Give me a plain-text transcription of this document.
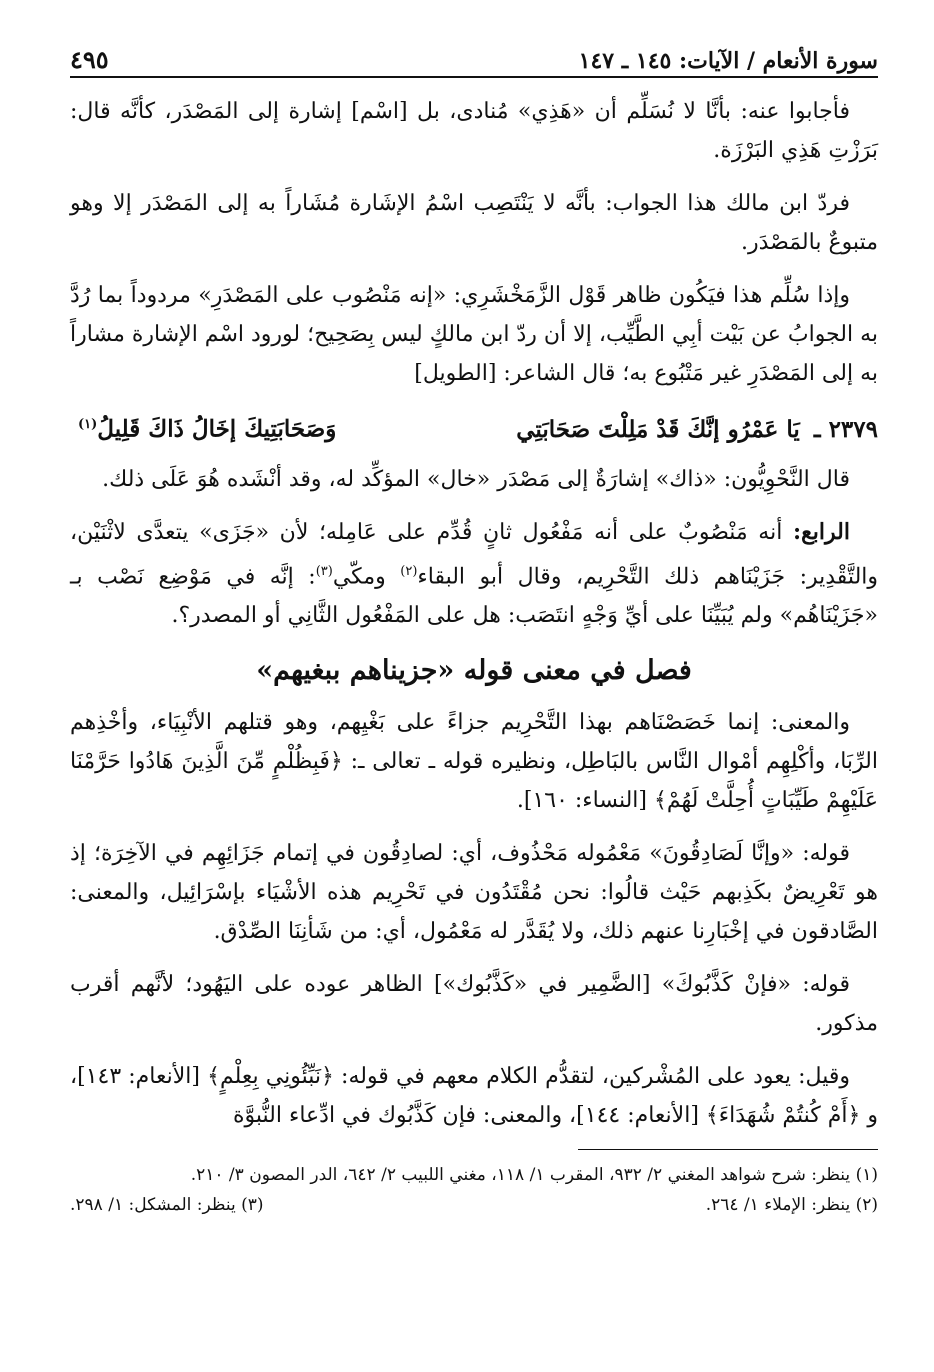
سورة الأنعام / الآيات: ١٤٥ ـ ١٤٧
٤٩٥

فأجابوا عنه: بأنَّا لا نُسَلِّم أن «هَذِي» مُنادى، بل [اسْم] إشارة إلى المَصْدَر، كأنَّه قال: بَرَزْتِ هَذِي البَرْزَة.

فردّ ابن مالك هذا الجواب: بأنَّه لا يَنْتَصِب اسْمُ الإشَارة مُشَاراً به إلى المَصْدَر إلا وهو متبوعٌ بالمَصْدَر.

وإذا سُلِّم هذا فيَكُون ظاهر قَوْل الزَّمَخْشَرِي: «إنه مَنْصُوب على المَصْدَرِ» مردوداً بما رُدَّ به الجوابُ عن بَيْت أبِي الطَّيِّب، إلا أن ردّ ابن مالكٍ ليس بِصَحِيح؛ لورود اسْم الإشارة مشاراً به إلى المَصْدَرِ غير مَتْبُوع به؛ قال الشاعر: [الطويل]

٢٣٧٩ ـ يَا عَمْرُو إنَّكَ قَدْ مَلِلْتَ صَحَابَتِي
وَصَحَابَتِيكَ إخَالُ ذَاكَ قَلِيلُ$^{(١)}$

قال النَّحْوِيُّون: «ذاك» إشارَةٌ إلى مَصْدَر «خال» المؤكِّد له، وقد أنْشَده هُوَ عَلَى ذلك.

الرابع: أنه مَنْصُوبٌ على أنه مَفْعُول ثانٍ قُدِّم على عَامِله؛ لأن «جَزَى» يتعدَّى لاثْنَيْن، والتَّقْدِير: جَزَيْنَاهم ذلك التَّحْرِيم، وقال أبو البقاء$^{(٢)}$ ومكّي$^{(٣)}$: إنَّه في مَوْضِع نَصْب بـ «جَزَيْنَاهُم» ولم يُبَيِّنَا على أيِّ وَجْهٍ انتَصَب: هل على المَفْعُول الثَّانِي أو المصدر؟.

فصل في معنى قوله «جزيناهم ببغيهم»

والمعنى: إنما خَصَصْنَاهم بهذا التَّحْرِيم جزاءً على بَغْيِهم، وهو قتلهم الأنْبِيَاء، وأخْذِهم الرِّبَا، وأكْلِهِم أمْوال النَّاس بالبَاطِل، ونظيره قوله ـ تعالى ـ: ﴿فَبِظُلْمٍ مِّنَ الَّذِينَ هَادُوا حَرَّمْنَا عَلَيْهِمْ طَيِّبَاتٍ أُحِلَّتْ لَهُمْ﴾ [النساء: ١٦٠].

قوله: «وإنَّا لَصَادِقُونَ» مَعْمُوله مَحْذُوف، أي: لصادِقُون في إتمام جَزَائِهِم في الآخِرَة؛ إذ هو تَعْرِيضٌ بكَذِبهم حَيْث قالُوا: نحن مُقْتَدُون في تَحْرِيم هذه الأشْيَاء بإسْرَائِيل، والمعنى: الصَّادقون في إخْبَارِنا عنهم ذلك، ولا يُقَدَّر له مَعْمُول، أي: من شَأنِنَا الصِّدْق.

قوله: «فإنْ كَذَّبُوكَ» [الضَّمِير في «كَذَّبُوك»] الظاهر عوده على اليَهُود؛ لأنَّهم أقرب مذكور.

وقيل: يعود على المُشْركين، لتقدُّم الكلام معهم في قوله: ﴿نَبِّئُونِي بِعِلْمٍ﴾ [الأنعام: ١٤٣]، و ﴿أَمْ كُنتُمْ شُهَدَاءَ﴾ [الأنعام: ١٤٤]، والمعنى: فإن كَذَّبُوك في ادِّعاء النُّبوَّة

(١) ينظر: شرح شواهد المغني ٢/ ٩٣٢، المقرب ١/ ١١٨، مغني اللبيب ٢/ ٦٤٢، الدر المصون ٣/ ٢١٠.

(٢) ينظر: الإملاء ١/ ٢٦٤.

(٣) ينظر: المشكل: ١/ ٢٩٨.
